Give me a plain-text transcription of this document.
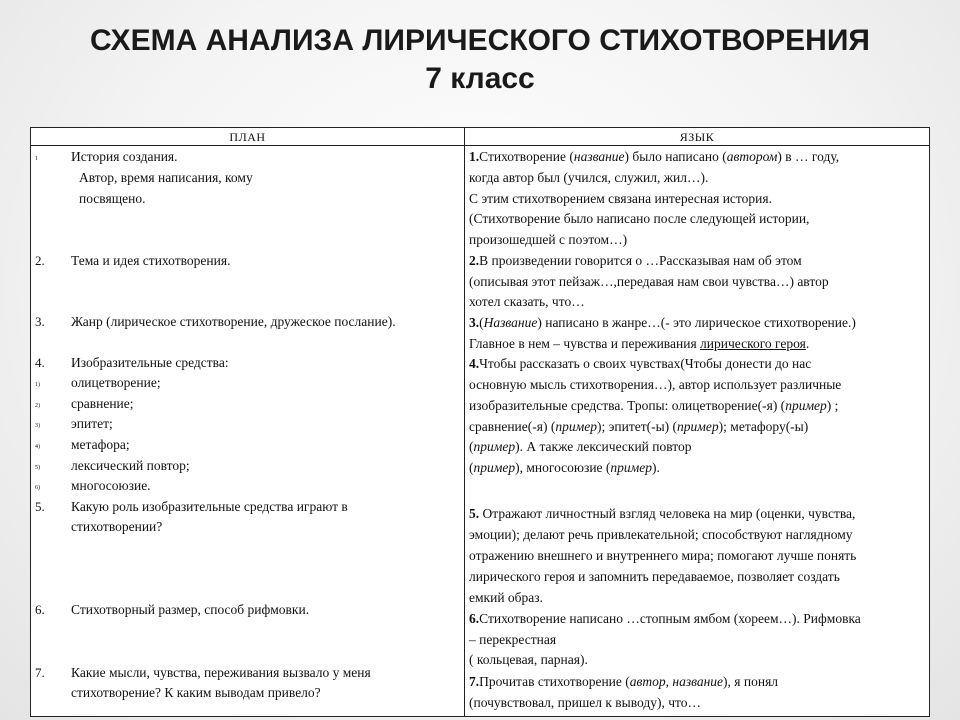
СХЕМА АНАЛИЗА ЛИРИЧЕСКОГО СТИХОТВОРЕНИЯ
7 класс
ПЛАН	ЯЗЫК
1 История создания.
Автор, время написания, кому
посвящено.
2. Тема и идея стихотворения.
3. Жанр (лирическое стихотворение, дружеское послание).
4. Изобразительные средства:
1) олицетворение;
2) сравнение;
3) эпитет;
4) метафора;
5) лексический повтор;
6) многосоюзие.
5. Какую роль изобразительные средства играют в
стихотворении?
6. Стихотворный размер, способ рифмовки.
7. Какие мысли, чувства, переживания вызвало у меня
стихотворение? К каким выводам привело?
1.Стихотворение (название) было написано (автором) в … году,
когда автор был (учился, служил, жил…).
С этим стихотворением связана интересная история.
(Стихотворение было написано после следующей истории,
произошедшей с поэтом…)
2.В произведении говорится о …Рассказывая нам об этом
(описывая этот пейзаж…,передавая нам свои чувства…) автор
хотел сказать, что…
3.(Название) написано в жанре…(- это лирическое стихотворение.)
Главное в нем – чувства и переживания лирического героя.
4.Чтобы рассказать о своих чувствах(Чтобы донести до нас
основную мысль стихотворения…), автор использует различные
изобразительные средства. Тропы: олицетворение(-я) (пример) ;
сравнение(-я) (пример); эпитет(-ы) (пример); метафору(-ы)
(пример). А также лексический повтор
(пример), многосоюзие (пример).
5. Отражают личностный взгляд человека на мир (оценки, чувства,
эмоции); делают речь привлекательной; способствуют наглядному
отражению внешнего и внутреннего мира; помогают лучше понять
лирического героя и запомнить передаваемое, позволяет создать
емкий образ.
6.Стихотворение написано …стопным ямбом (хореем…). Рифмовка
– перекрестная
( кольцевая, парная).
7.Прочитав стихотворение (автор, название), я понял
(почувствовал, пришел к выводу), что…
